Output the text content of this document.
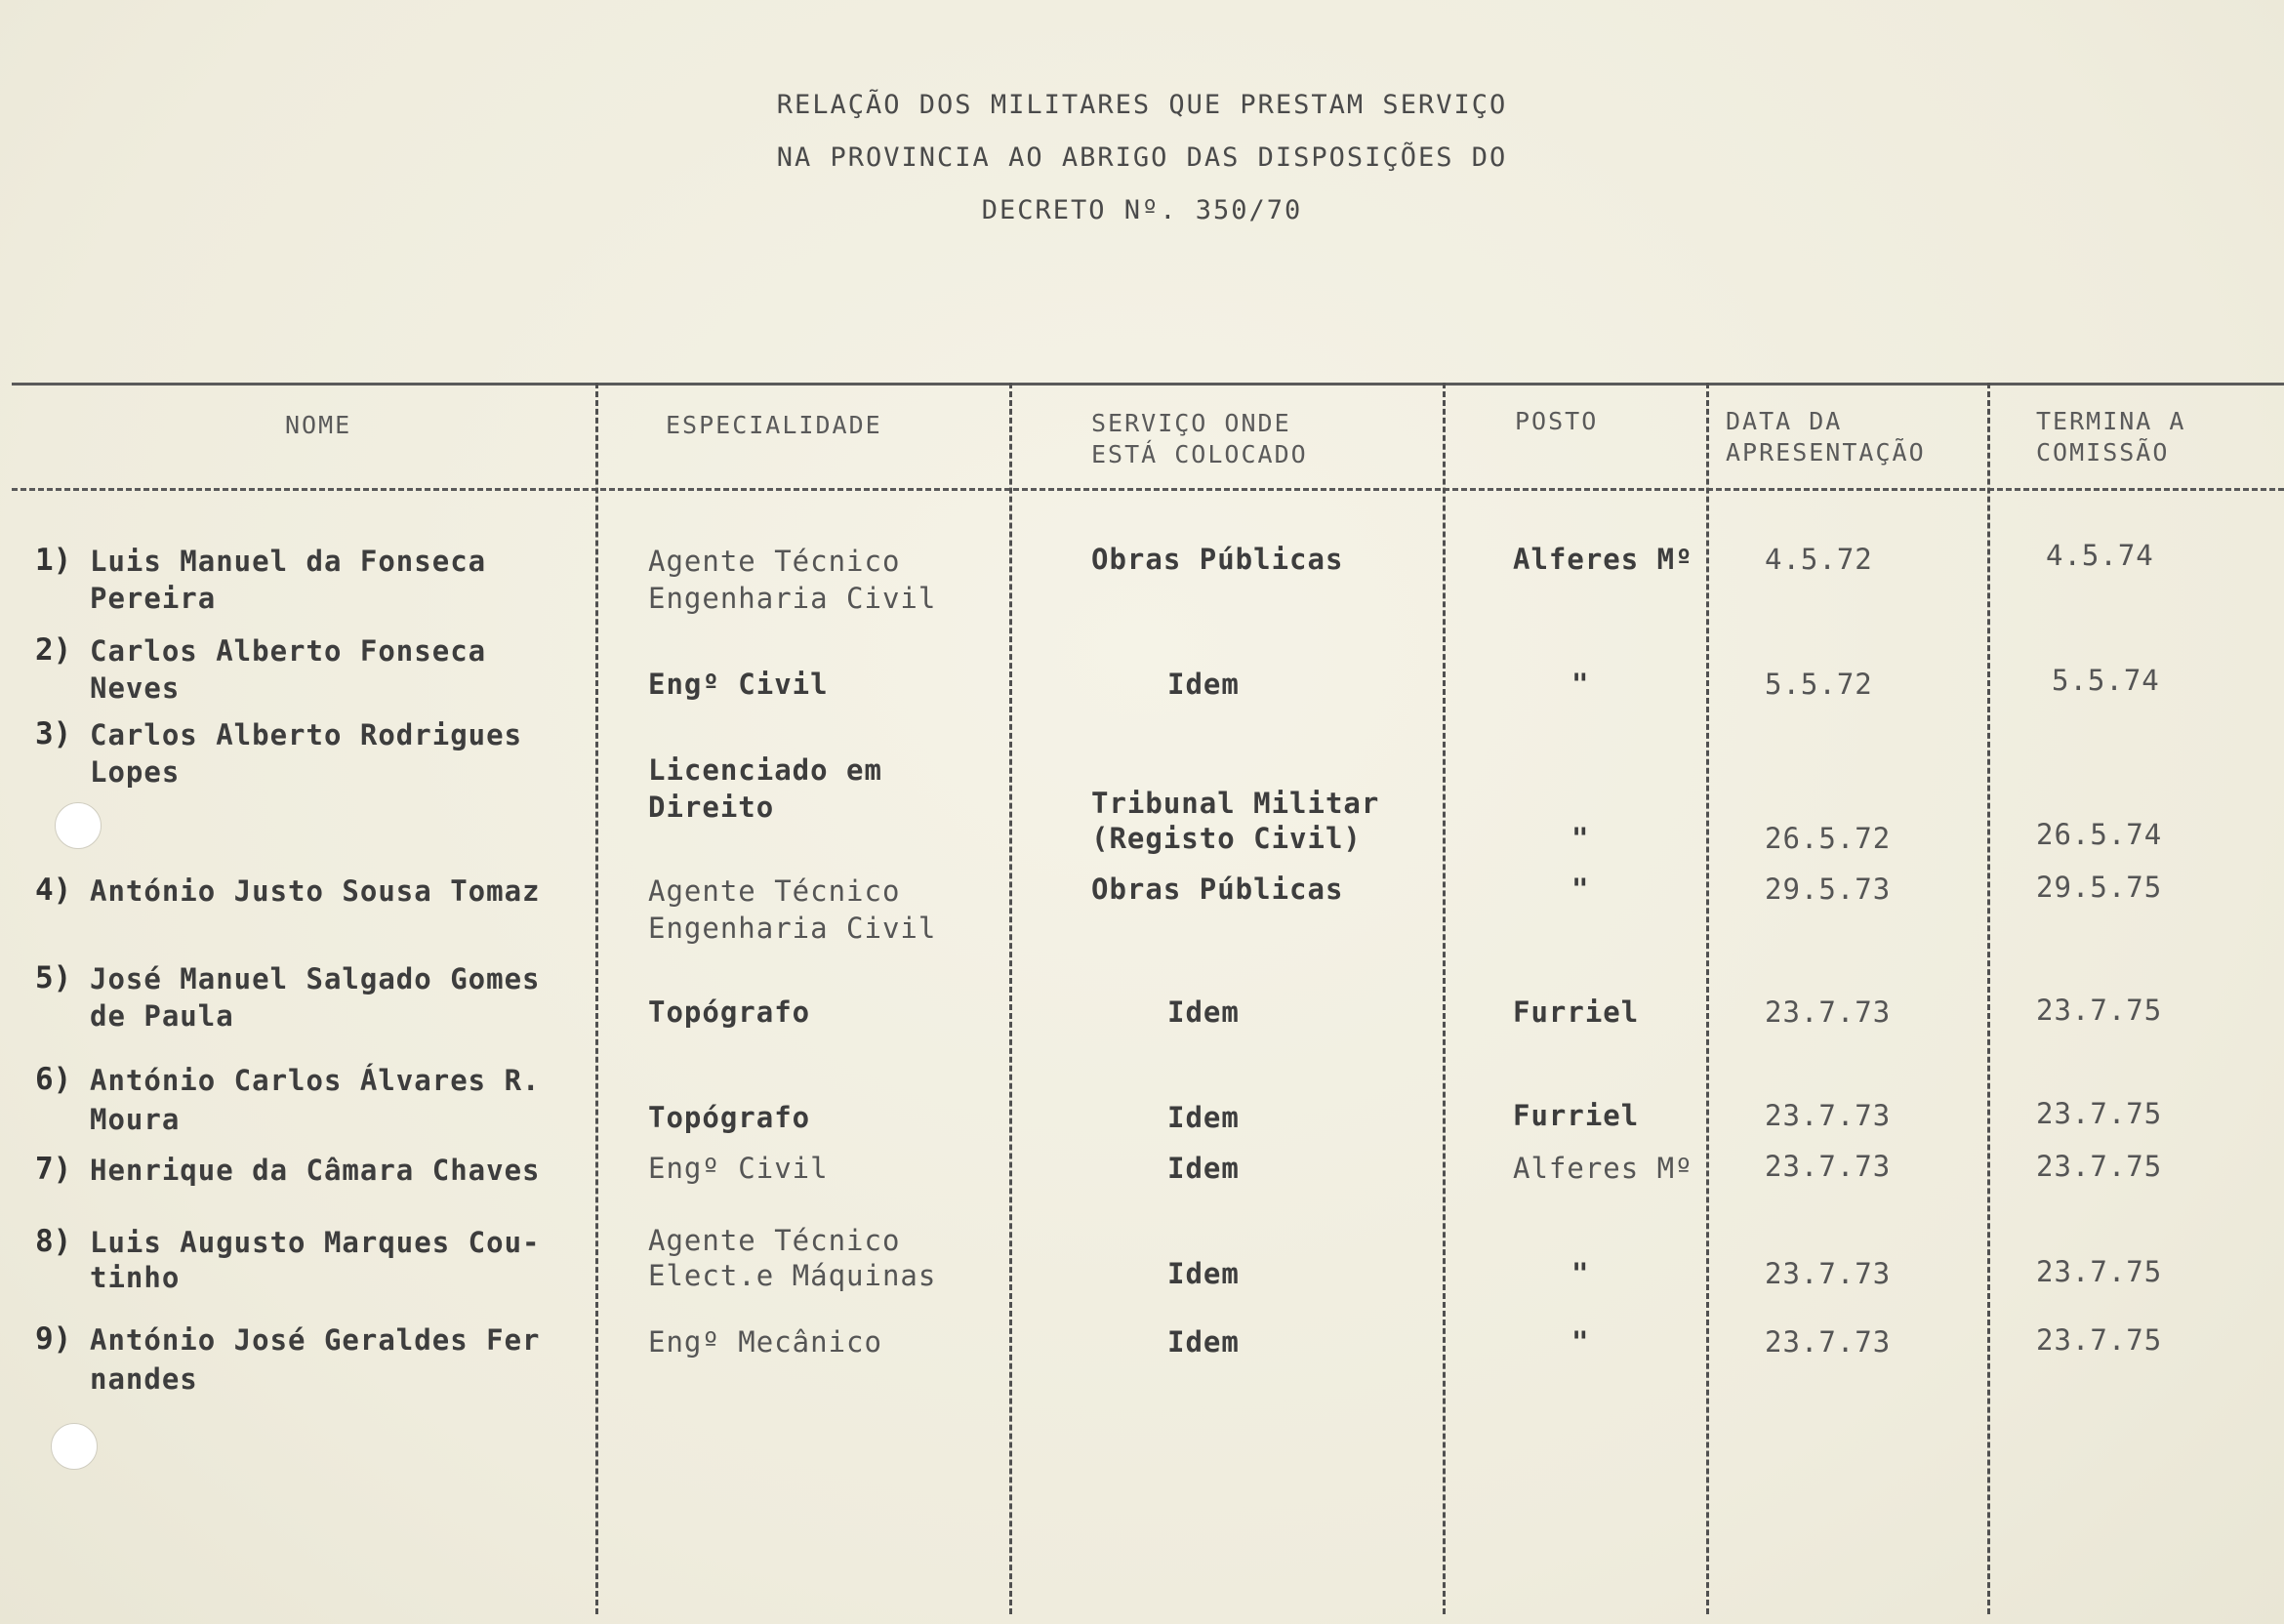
RELAÇÃO DOS MILITARES QUE PRESTAM SERVIÇO
NA PROVINCIA AO ABRIGO DAS DISPOSIÇÕES DO
DECRETO Nº. 350/70
NOME	ESPECIALIDADE	SERVIÇO ONDE
ESTÁ COLOCADO
POSTO	DATA DA
APRESENTAÇÃO
TERMINA A
COMISSÃO
1) Luis Manuel da Fonseca
Pereira
Agente Técnico
Engenharia Civil
Obras Públicas	Alferes Mº	4.5.72	4.5.74
2) Carlos Alberto Fonseca
Neves	Engº Civil	Idem	"	5.5.72	5.5.74
3) Carlos Alberto Rodrigues
Lopes	Licenciado em
Direito	Tribunal Militar
(Registo Civil)	"	26.5.72	26.5.74
4) António Justo Sousa Tomaz	Agente Técnico
Engenharia Civil
Obras Públicas	"	29.5.73	29.5.75
5) José Manuel Salgado Gomes
de Paula	Topógrafo	Idem	Furriel	23.7.73	23.7.75
6) António Carlos Álvares R.
Moura	Topógrafo	Idem	Furriel	23.7.73	23.7.75
7) Henrique da Câmara Chaves	Engº Civil	Idem	Alferes Mº	23.7.73	23.7.75
8) Luis Augusto Marques Cou-
tinho
Agente Técnico
Elect.e Máquinas	Idem	"	23.7.73	23.7.75
9) António José Geraldes Fer
nandes
Engº Mecânico	Idem	"	23.7.73	23.7.75
